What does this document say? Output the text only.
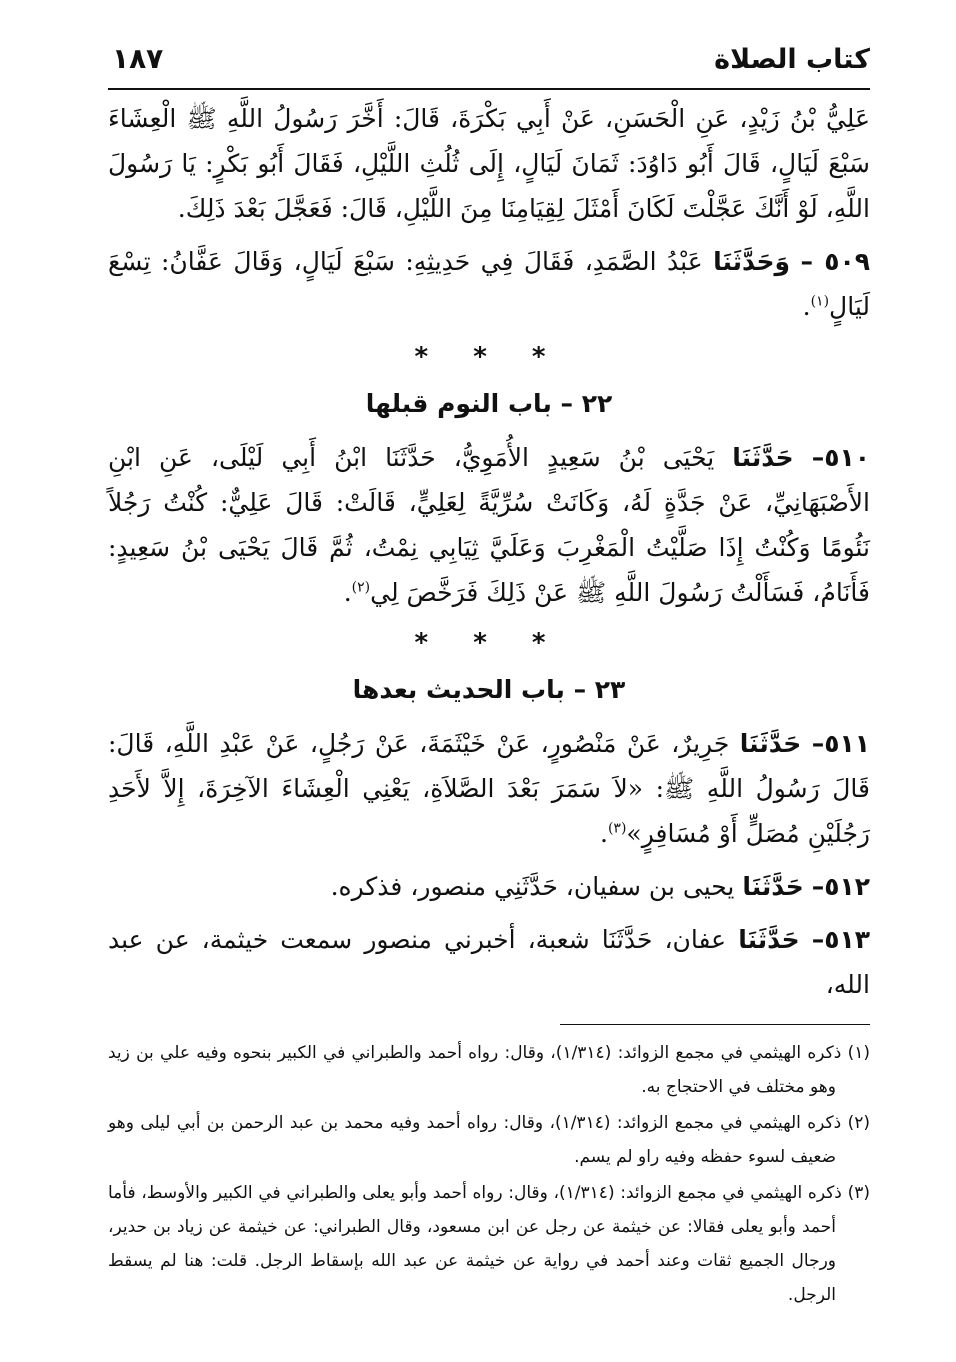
كتاب الصلاة
١٨٧

عَلِيُّ بْنُ زَيْدٍ، عَنِ الْحَسَنِ، عَنْ أَبِي بَكْرَةَ، قَالَ: أَخَّرَ رَسُولُ اللَّهِ ﷺ الْعِشَاءَ سَبْعَ لَيَالٍ، قَالَ أَبُو دَاوُدَ: ثَمَانَ لَيَالٍ، إِلَى ثُلُثِ اللَّيْلِ، فَقَالَ أَبُو بَكْرٍ: يَا رَسُولَ اللَّهِ، لَوْ أَنَّكَ عَجَّلْتَ لَكَانَ أَمْثَلَ لِقِيَامِنَا مِنَ اللَّيْلِ، قَالَ: فَعَجَّلَ بَعْدَ ذَلِكَ.

٥٠٩ – وَحَدَّثَنَا عَبْدُ الصَّمَدِ، فَقَالَ فِي حَدِيثِهِ: سَبْعَ لَيَالٍ، وَقَالَ عَفَّانُ: تِسْعَ لَيَالٍ$^{(١)}$.

* * *
٢٢ – باب النوم قبلها

٥١٠– حَدَّثَنَا يَحْيَى بْنُ سَعِيدٍ الأُمَوِيُّ، حَدَّثَنَا ابْنُ أَبِي لَيْلَى، عَنِ ابْنِ الأَصْبَهَانِيِّ، عَنْ جَدَّةٍ لَهُ، وَكَانَتْ سُرِّيَّةً لِعَلِيٍّ، قَالَتْ: قَالَ عَلِيٌّ: كُنْتُ رَجُلاً نَئُومًا وَكُنْتُ إِذَا صَلَّيْتُ الْمَغْرِبَ وَعَلَيَّ ثِيَابِي نِمْتُ، ثُمَّ قَالَ يَحْيَى بْنُ سَعِيدٍ: فَأَنَامُ، فَسَأَلْتُ رَسُولَ اللَّهِ ﷺ عَنْ ذَلِكَ فَرَخَّصَ لِي$^{(٢)}$.

* * *
٢٣ – باب الحديث بعدها

٥١١– حَدَّثَنَا جَرِيرٌ، عَنْ مَنْصُورٍ، عَنْ خَيْثَمَةَ، عَنْ رَجُلٍ، عَنْ عَبْدِ اللَّهِ، قَالَ: قَالَ رَسُولُ اللَّهِ ﷺ: «لاَ سَمَرَ بَعْدَ الصَّلاَةِ، يَعْنِي الْعِشَاءَ الآخِرَةَ، إِلاَّ لأَحَدِ رَجُلَيْنِ مُصَلٍّ أَوْ مُسَافِرٍ»$^{(٣)}$.

٥١٢– حَدَّثَنَا يحيى بن سفيان، حَدَّثَنِي منصور، فذكره.

٥١٣– حَدَّثَنَا عفان، حَدَّثَنَا شعبة، أخبرني منصور سمعت خيثمة، عن عبد الله،

(١) ذكره الهيثمي في مجمع الزوائد: (١/٣١٤)، وقال: رواه أحمد والطبراني في الكبير بنحوه وفيه علي بن زيد وهو مختلف في الاحتجاج به.

(٢) ذكره الهيثمي في مجمع الزوائد: (١/٣١٤)، وقال: رواه أحمد وفيه محمد بن عبد الرحمن بن أبي ليلى وهو ضعيف لسوء حفظه وفيه راو لم يسم.

(٣) ذكره الهيثمي في مجمع الزوائد: (١/٣١٤)، وقال: رواه أحمد وأبو يعلى والطبراني في الكبير والأوسط، فأما أحمد وأبو يعلى فقالا: عن خيثمة عن رجل عن ابن مسعود، وقال الطبراني: عن خيثمة عن زياد بن حدير، ورجال الجميع ثقات وعند أحمد في رواية عن خيثمة عن عبد الله بإسقاط الرجل. قلت: هنا لم يسقط الرجل.
